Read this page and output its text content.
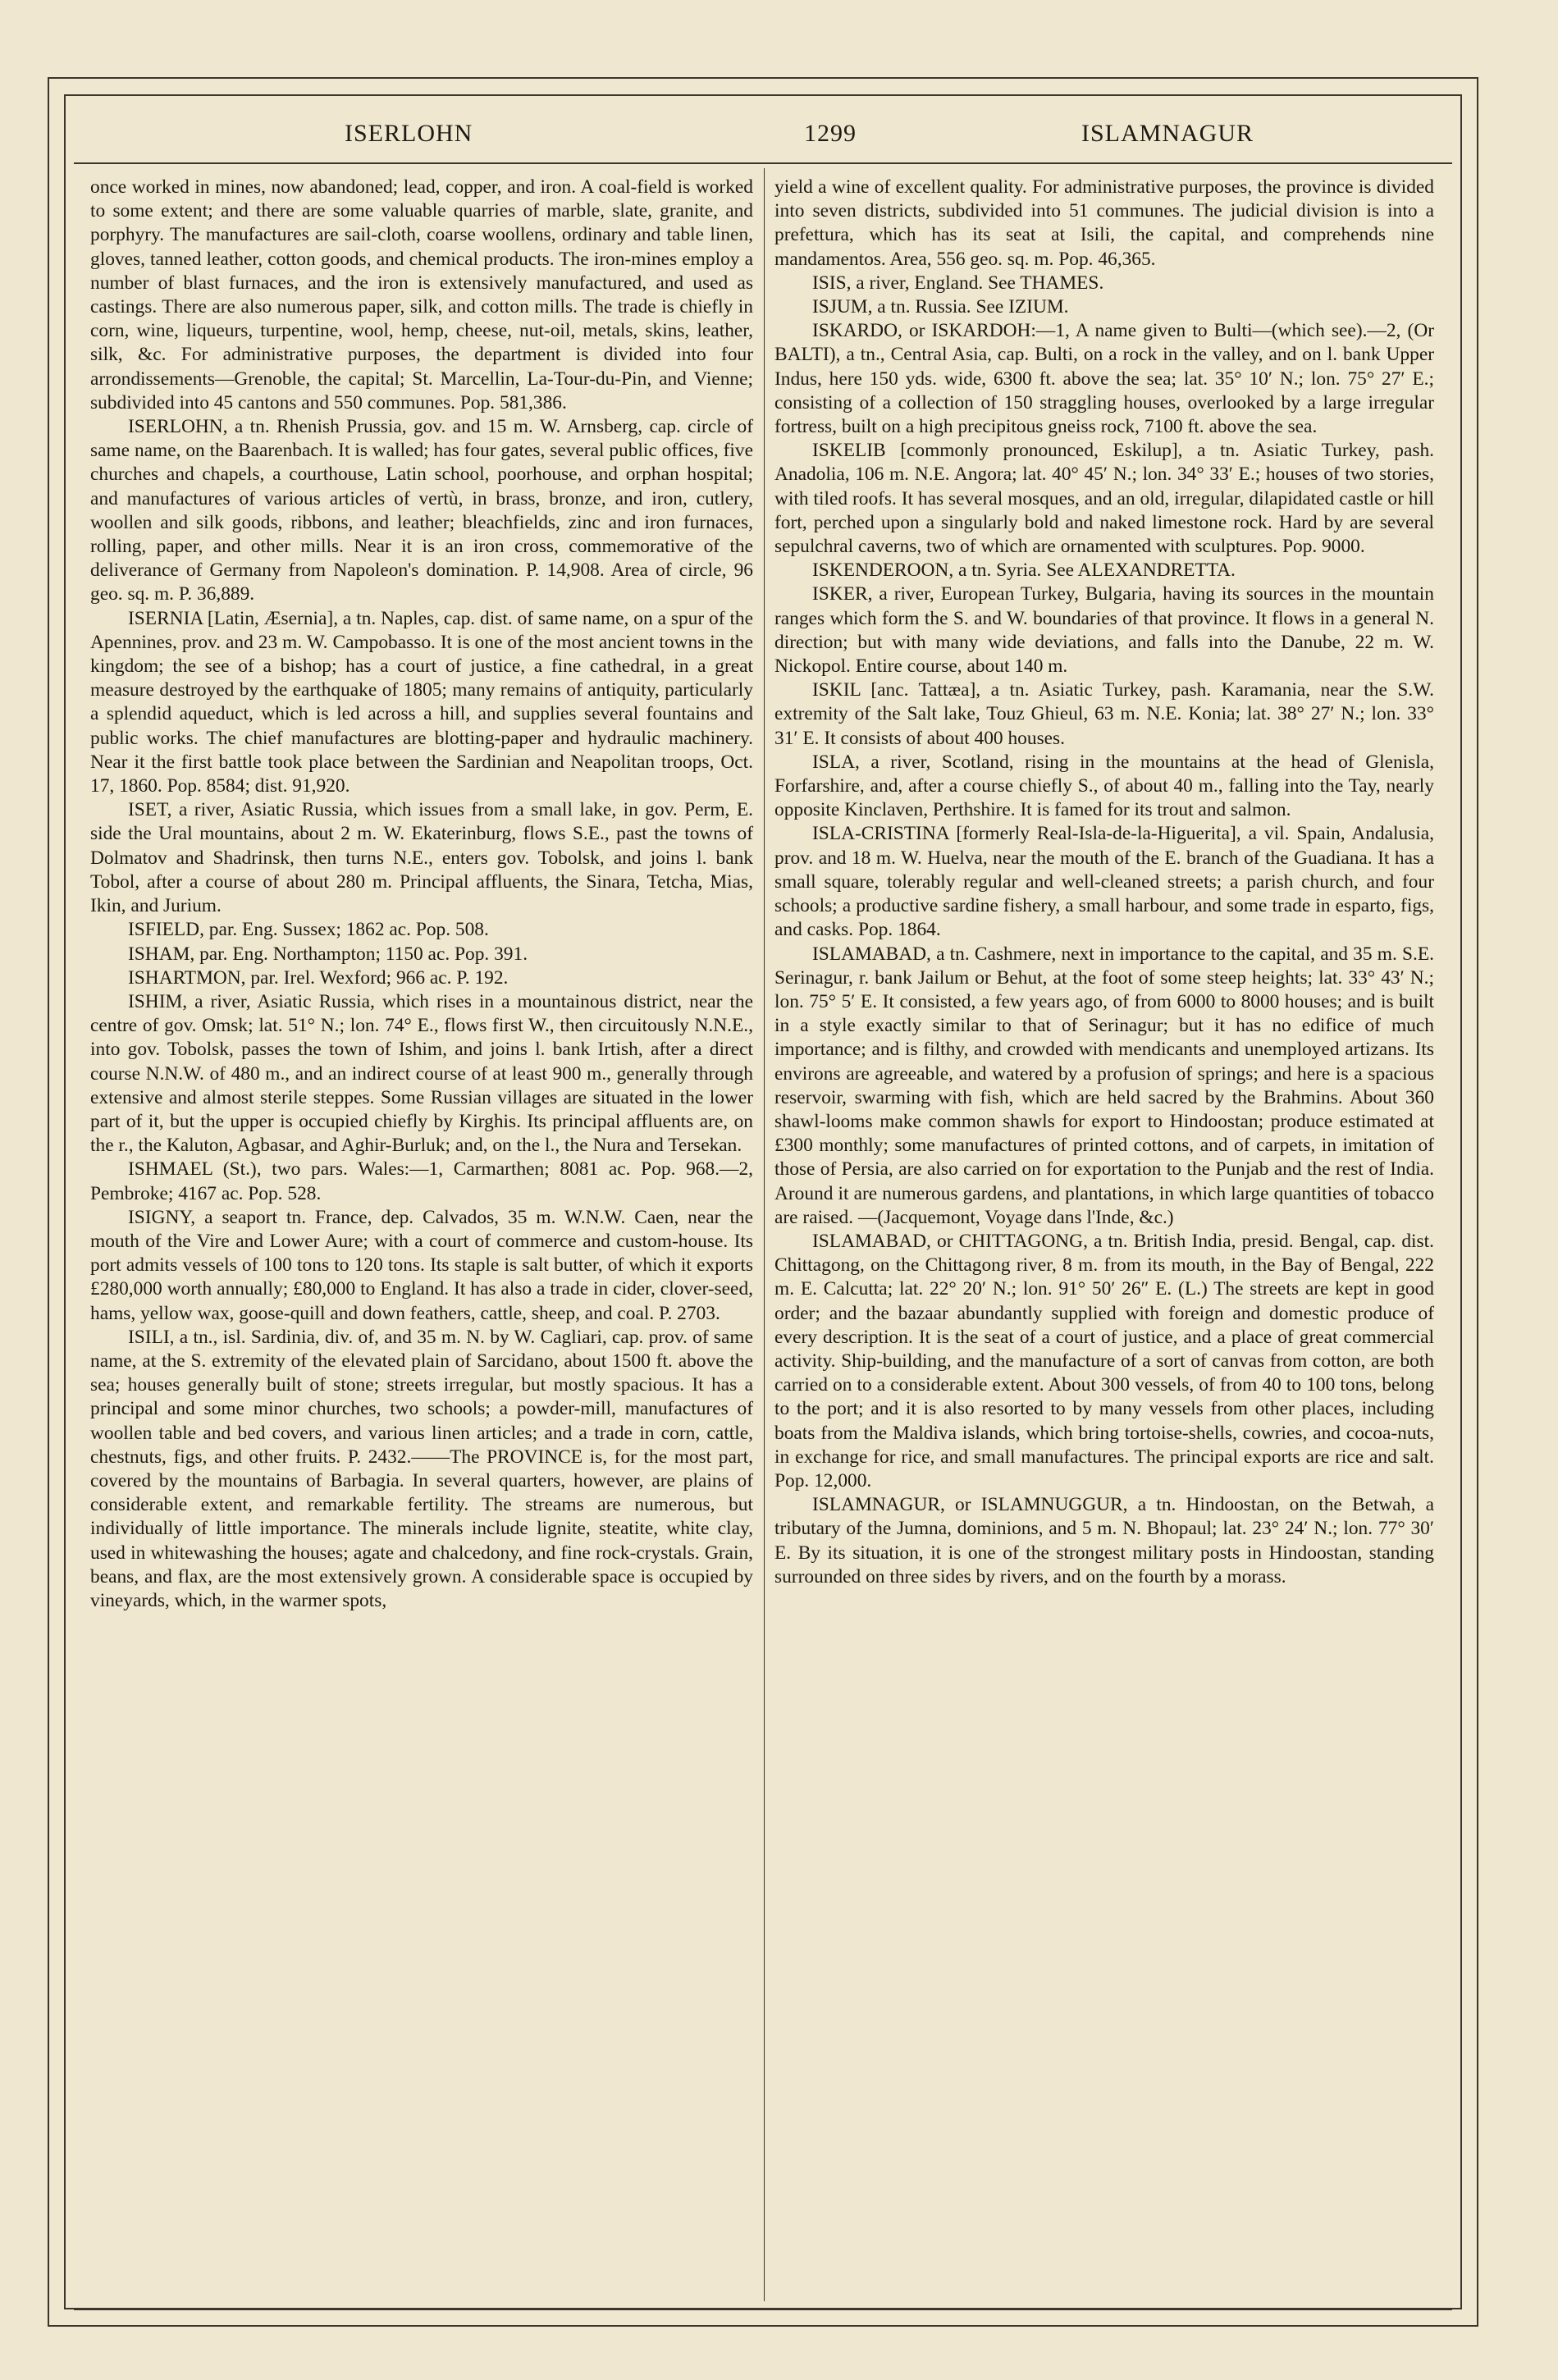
ISERLOHN	1299	ISLAMNAGUR

once worked in mines, now abandoned; lead, copper, and iron. A coal-field is worked to some extent; and there are some valuable quarries of marble, slate, granite, and porphyry. The manufactures are sail-cloth, coarse woollens, ordinary and table linen, gloves, tanned leather, cotton goods, and chemical products. The iron-mines employ a number of blast furnaces, and the iron is extensively manufactured, and used as castings. There are also numerous paper, silk, and cotton mills. The trade is chiefly in corn, wine, liqueurs, turpentine, wool, hemp, cheese, nut-oil, metals, skins, leather, silk, &c. For administrative purposes, the department is divided into four arrondissements—Grenoble, the capital; St. Marcellin, La-Tour-du-Pin, and Vienne; subdivided into 45 cantons and 550 communes. Pop. 581,386.

ISERLOHN, a tn. Rhenish Prussia, gov. and 15 m. W. Arnsberg, cap. circle of same name, on the Baarenbach. It is walled; has four gates, several public offices, five churches and chapels, a courthouse, Latin school, poorhouse, and orphan hospital; and manufactures of various articles of vertù, in brass, bronze, and iron, cutlery, woollen and silk goods, ribbons, and leather; bleachfields, zinc and iron furnaces, rolling, paper, and other mills. Near it is an iron cross, commemorative of the deliverance of Germany from Napoleon's domination. P. 14,908. Area of circle, 96 geo. sq. m. P. 36,889.

ISERNIA [Latin, Æsernia], a tn. Naples, cap. dist. of same name, on a spur of the Apennines, prov. and 23 m. W. Campobasso. It is one of the most ancient towns in the kingdom; the see of a bishop; has a court of justice, a fine cathedral, in a great measure destroyed by the earthquake of 1805; many remains of antiquity, particularly a splendid aqueduct, which is led across a hill, and supplies several fountains and public works. The chief manufactures are blotting-paper and hydraulic machinery. Near it the first battle took place between the Sardinian and Neapolitan troops, Oct. 17, 1860. Pop. 8584; dist. 91,920.

ISET, a river, Asiatic Russia, which issues from a small lake, in gov. Perm, E. side the Ural mountains, about 2 m. W. Ekaterinburg, flows S.E., past the towns of Dolmatov and Shadrinsk, then turns N.E., enters gov. Tobolsk, and joins l. bank Tobol, after a course of about 280 m. Principal affluents, the Sinara, Tetcha, Mias, Ikin, and Jurium.

ISFIELD, par. Eng. Sussex; 1862 ac. Pop. 508.

ISHAM, par. Eng. Northampton; 1150 ac. Pop. 391.

ISHARTMON, par. Irel. Wexford; 966 ac. P. 192.

ISHIM, a river, Asiatic Russia, which rises in a mountainous district, near the centre of gov. Omsk; lat. 51° N.; lon. 74° E., flows first W., then circuitously N.N.E., into gov. Tobolsk, passes the town of Ishim, and joins l. bank Irtish, after a direct course N.N.W. of 480 m., and an indirect course of at least 900 m., generally through extensive and almost sterile steppes. Some Russian villages are situated in the lower part of it, but the upper is occupied chiefly by Kirghis. Its principal affluents are, on the r., the Kaluton, Agbasar, and Aghir-Burluk; and, on the l., the Nura and Tersekan.

ISHMAEL (St.), two pars. Wales:—1, Carmarthen; 8081 ac. Pop. 968.—2, Pembroke; 4167 ac. Pop. 528.

ISIGNY, a seaport tn. France, dep. Calvados, 35 m. W.N.W. Caen, near the mouth of the Vire and Lower Aure; with a court of commerce and custom-house. Its port admits vessels of 100 tons to 120 tons. Its staple is salt butter, of which it exports £280,000 worth annually; £80,000 to England. It has also a trade in cider, clover-seed, hams, yellow wax, goose-quill and down feathers, cattle, sheep, and coal. P. 2703.

ISILI, a tn., isl. Sardinia, div. of, and 35 m. N. by W. Cagliari, cap. prov. of same name, at the S. extremity of the elevated plain of Sarcidano, about 1500 ft. above the sea; houses generally built of stone; streets irregular, but mostly spacious. It has a principal and some minor churches, two schools; a powder-mill, manufactures of woollen table and bed covers, and various linen articles; and a trade in corn, cattle, chestnuts, figs, and other fruits. P. 2432.——The PROVINCE is, for the most part, covered by the mountains of Barbagia. In several quarters, however, are plains of considerable extent, and remarkable fertility. The streams are numerous, but individually of little importance. The minerals include lignite, steatite, white clay, used in whitewashing the houses; agate and chalcedony, and fine rock-crystals. Grain, beans, and flax, are the most extensively grown. A considerable space is occupied by vineyards, which, in the warmer spots,

yield a wine of excellent quality. For administrative purposes, the province is divided into seven districts, subdivided into 51 communes. The judicial division is into a prefettura, which has its seat at Isili, the capital, and comprehends nine mandamentos. Area, 556 geo. sq. m. Pop. 46,365.

ISIS, a river, England. See THAMES.

ISJUM, a tn. Russia. See IZIUM.

ISKARDO, or ISKARDOH:—1, A name given to Bulti—(which see).—2, (Or BALTI), a tn., Central Asia, cap. Bulti, on a rock in the valley, and on l. bank Upper Indus, here 150 yds. wide, 6300 ft. above the sea; lat. 35° 10′ N.; lon. 75° 27′ E.; consisting of a collection of 150 straggling houses, overlooked by a large irregular fortress, built on a high precipitous gneiss rock, 7100 ft. above the sea.

ISKELIB [commonly pronounced, Eskilup], a tn. Asiatic Turkey, pash. Anadolia, 106 m. N.E. Angora; lat. 40° 45′ N.; lon. 34° 33′ E.; houses of two stories, with tiled roofs. It has several mosques, and an old, irregular, dilapidated castle or hill fort, perched upon a singularly bold and naked limestone rock. Hard by are several sepulchral caverns, two of which are ornamented with sculptures. Pop. 9000.

ISKENDEROON, a tn. Syria. See ALEXANDRETTA.

ISKER, a river, European Turkey, Bulgaria, having its sources in the mountain ranges which form the S. and W. boundaries of that province. It flows in a general N. direction; but with many wide deviations, and falls into the Danube, 22 m. W. Nickopol. Entire course, about 140 m.

ISKIL [anc. Tattæa], a tn. Asiatic Turkey, pash. Karamania, near the S.W. extremity of the Salt lake, Touz Ghieul, 63 m. N.E. Konia; lat. 38° 27′ N.; lon. 33° 31′ E. It consists of about 400 houses.

ISLA, a river, Scotland, rising in the mountains at the head of Glenisla, Forfarshire, and, after a course chiefly S., of about 40 m., falling into the Tay, nearly opposite Kinclaven, Perthshire. It is famed for its trout and salmon.

ISLA-CRISTINA [formerly Real-Isla-de-la-Higuerita], a vil. Spain, Andalusia, prov. and 18 m. W. Huelva, near the mouth of the E. branch of the Guadiana. It has a small square, tolerably regular and well-cleaned streets; a parish church, and four schools; a productive sardine fishery, a small harbour, and some trade in esparto, figs, and casks. Pop. 1864.

ISLAMABAD, a tn. Cashmere, next in importance to the capital, and 35 m. S.E. Serinagur, r. bank Jailum or Behut, at the foot of some steep heights; lat. 33° 43′ N.; lon. 75° 5′ E. It consisted, a few years ago, of from 6000 to 8000 houses; and is built in a style exactly similar to that of Serinagur; but it has no edifice of much importance; and is filthy, and crowded with mendicants and unemployed artizans. Its environs are agreeable, and watered by a profusion of springs; and here is a spacious reservoir, swarming with fish, which are held sacred by the Brahmins. About 360 shawl-looms make common shawls for export to Hindoostan; produce estimated at £300 monthly; some manufactures of printed cottons, and of carpets, in imitation of those of Persia, are also carried on for exportation to the Punjab and the rest of India. Around it are numerous gardens, and plantations, in which large quantities of tobacco are raised. —(Jacquemont, Voyage dans l'Inde, &c.)

ISLAMABAD, or CHITTAGONG, a tn. British India, presid. Bengal, cap. dist. Chittagong, on the Chittagong river, 8 m. from its mouth, in the Bay of Bengal, 222 m. E. Calcutta; lat. 22° 20′ N.; lon. 91° 50′ 26″ E. (L.) The streets are kept in good order; and the bazaar abundantly supplied with foreign and domestic produce of every description. It is the seat of a court of justice, and a place of great commercial activity. Ship-building, and the manufacture of a sort of canvas from cotton, are both carried on to a considerable extent. About 300 vessels, of from 40 to 100 tons, belong to the port; and it is also resorted to by many vessels from other places, including boats from the Maldiva islands, which bring tortoise-shells, cowries, and cocoa-nuts, in exchange for rice, and small manufactures. The principal exports are rice and salt. Pop. 12,000.

ISLAMNAGUR, or ISLAMNUGGUR, a tn. Hindoostan, on the Betwah, a tributary of the Jumna, dominions, and 5 m. N. Bhopaul; lat. 23° 24′ N.; lon. 77° 30′ E. By its situation, it is one of the strongest military posts in Hindoostan, standing surrounded on three sides by rivers, and on the fourth by a morass.
